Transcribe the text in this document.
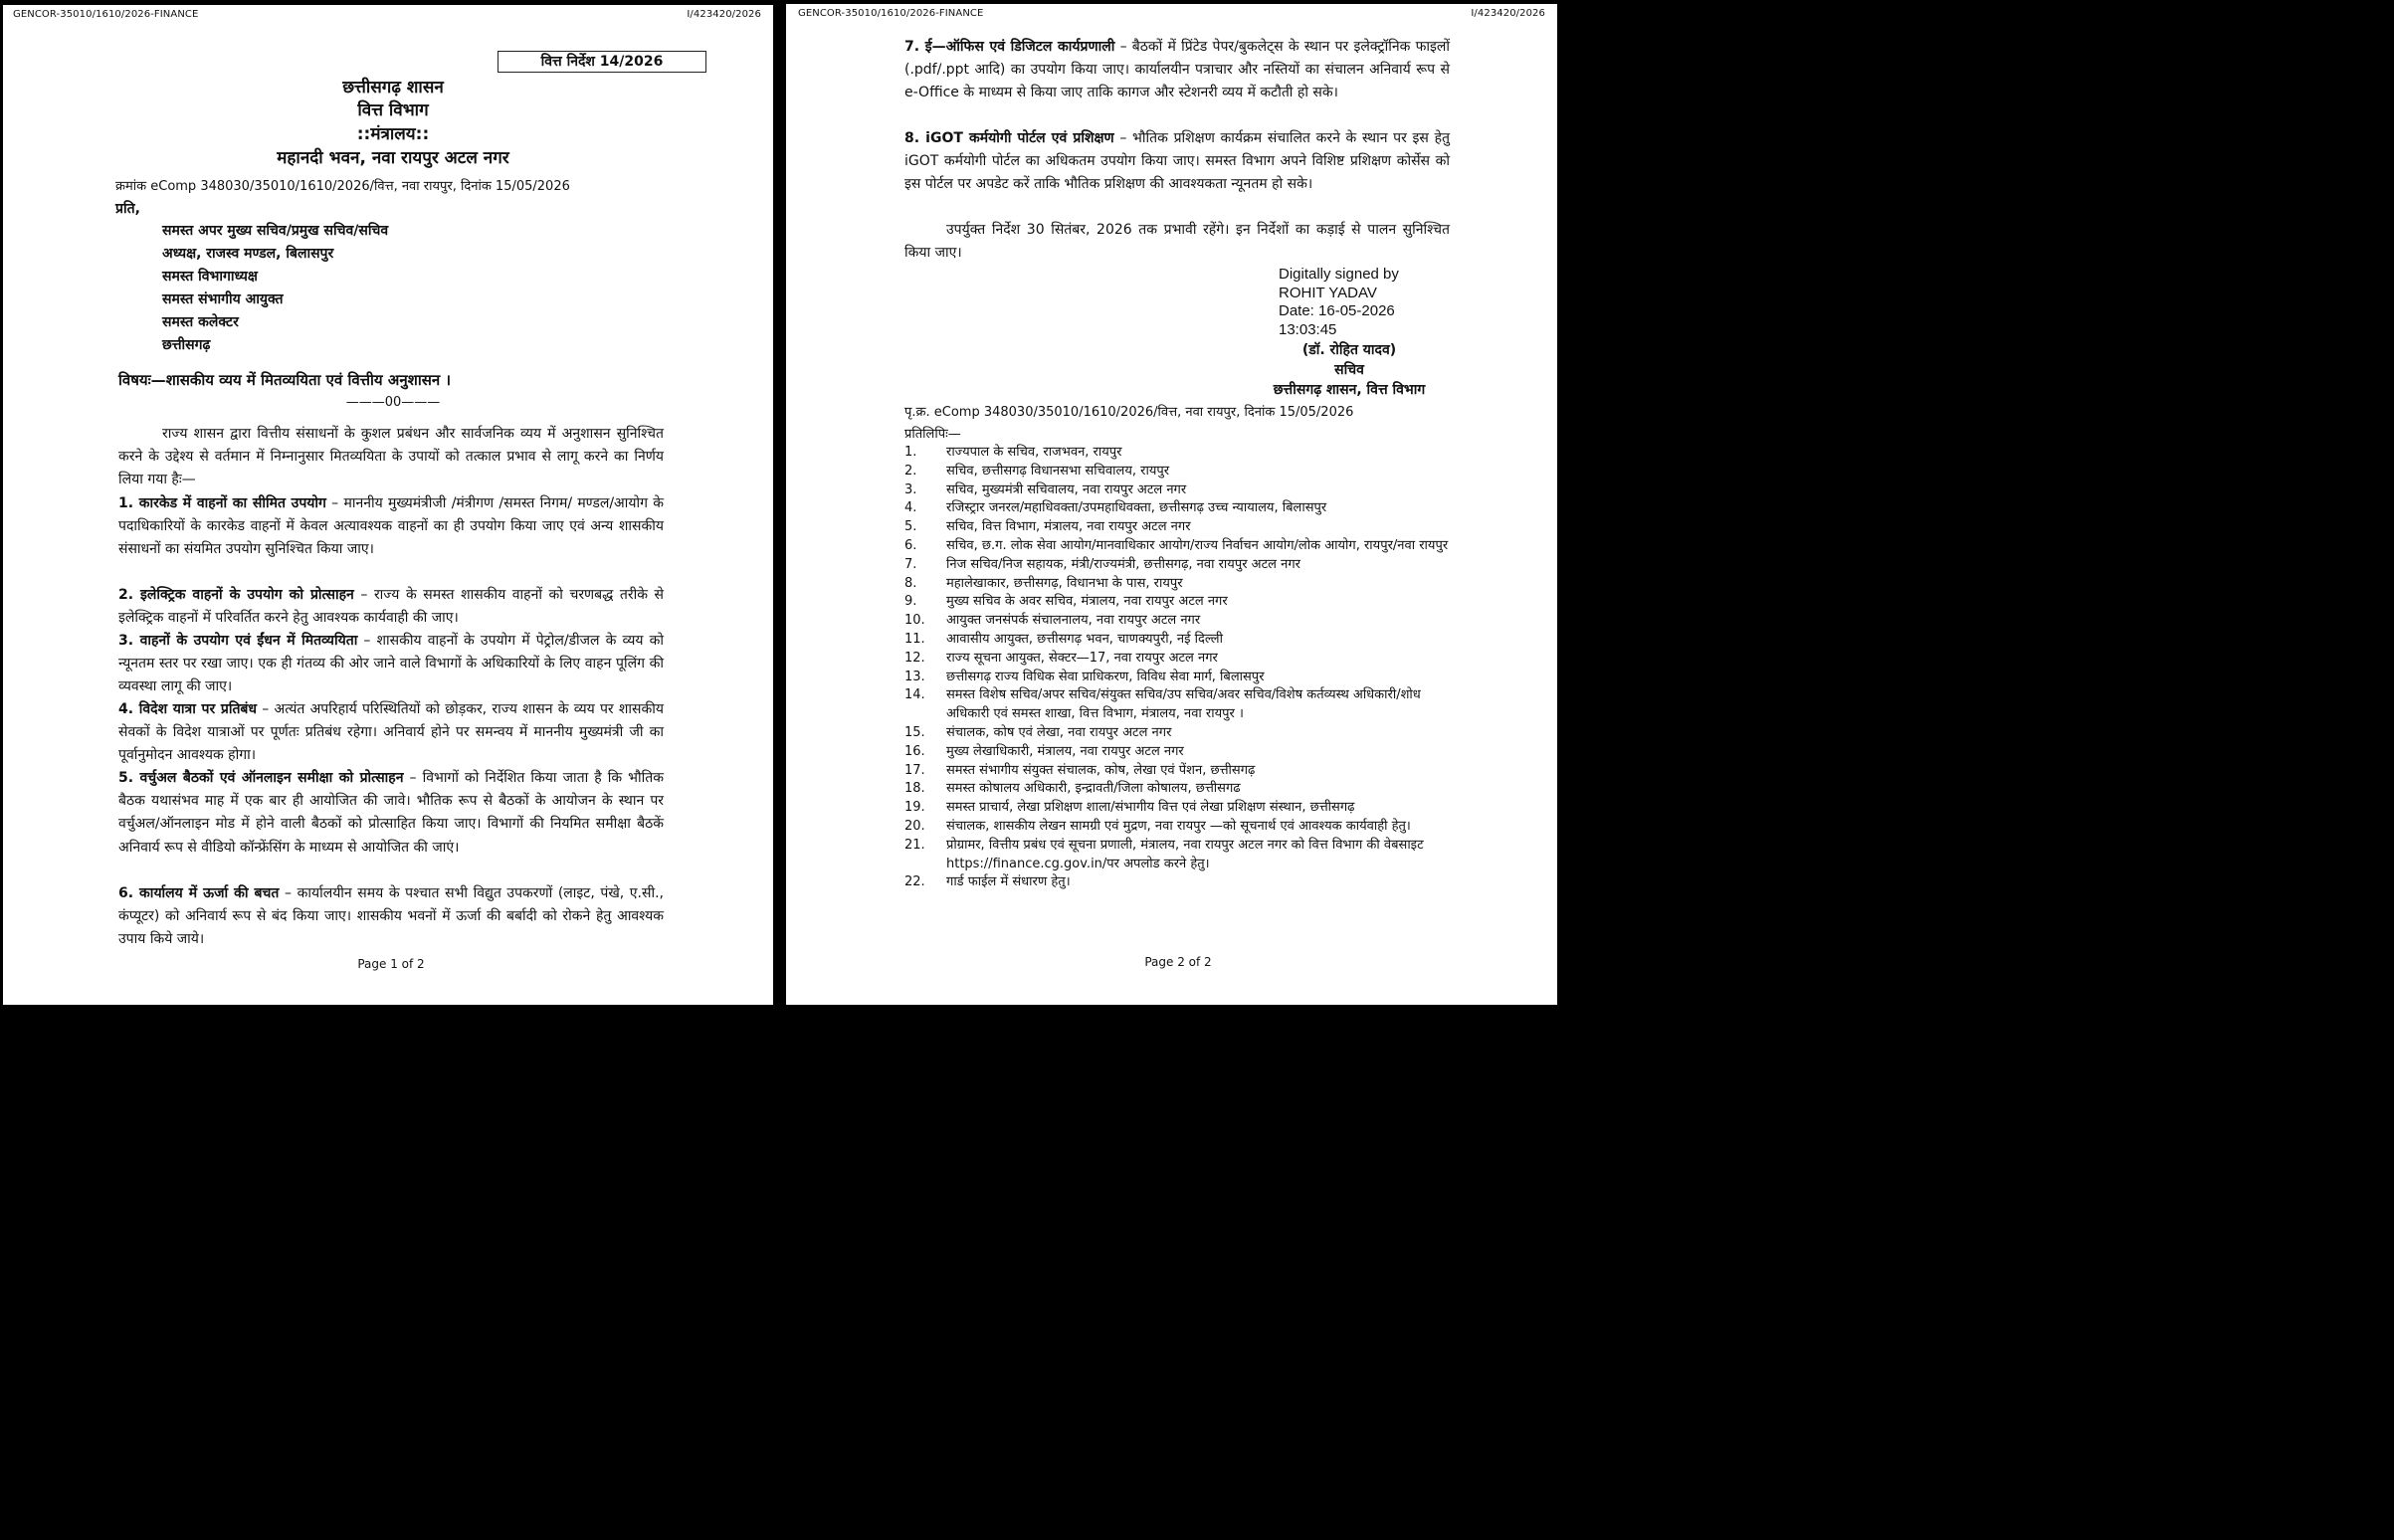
GENCOR-35010/1610/2026-FINANCE	I/423420/2026
वित्त निर्देश 14/2026
छत्तीसगढ़ शासन
वित्त विभाग
::मंत्रालय::
महानदी भवन, नवा रायपुर अटल नगर
क्रमांक eComp 348030/35010/1610/2026/वित्त, नवा रायपुर, दिनांक 15/05/2026
प्रति,
समस्त अपर मुख्य सचिव/प्रमुख सचिव/सचिव
अध्यक्ष, राजस्व मण्डल, बिलासपुर
समस्त विभागाध्यक्ष
समस्त संभागीय आयुक्त
समस्त कलेक्टर
छत्तीसगढ़
विषयः—शासकीय व्यय में मितव्ययिता एवं वित्तीय अनुशासन ।
———00———
राज्य शासन द्वारा वित्तीय संसाधनों के कुशल प्रबंधन और सार्वजनिक व्यय में अनुशासन सुनिश्चित करने के उद्देश्य से वर्तमान में निम्नानुसार मितव्ययिता के उपायों को तत्काल प्रभाव से लागू करने का निर्णय लिया गया हैः—
1. कारकेड में वाहनों का सीमित उपयोग – माननीय मुख्यमंत्रीजी /मंत्रीगण /समस्त निगम/ मण्डल/आयोग के पदाधिकारियों के कारकेड वाहनों में केवल अत्यावश्यक वाहनों का ही उपयोग किया जाए एवं अन्य शासकीय संसाधनों का संयमित उपयोग सुनिश्चित किया जाए।
2. इलेक्ट्रिक वाहनों के उपयोग को प्रोत्साहन – राज्य के समस्त शासकीय वाहनों को चरणबद्ध तरीके से इलेक्ट्रिक वाहनों में परिवर्तित करने हेतु आवश्यक कार्यवाही की जाए।
3. वाहनों के उपयोग एवं ईंधन में मितव्ययिता – शासकीय वाहनों के उपयोग में पेट्रोल/डीजल के व्यय को न्यूनतम स्तर पर रखा जाए। एक ही गंतव्य की ओर जाने वाले विभागों के अधिकारियों के लिए वाहन पूलिंग की व्यवस्था लागू की जाए।
4. विदेश यात्रा पर प्रतिबंध – अत्यंत अपरिहार्य परिस्थितियों को छोड़कर, राज्य शासन के व्यय पर शासकीय सेवकों के विदेश यात्राओं पर पूर्णतः प्रतिबंध रहेगा। अनिवार्य होने पर समन्वय में माननीय मुख्यमंत्री जी का पूर्वानुमोदन आवश्यक होगा।
5. वर्चुअल बैठकों एवं ऑनलाइन समीक्षा को प्रोत्साहन – विभागों को निर्देशित किया जाता है कि भौतिक बैठक यथासंभव माह में एक बार ही आयोजित की जावे। भौतिक रूप से बैठकों के आयोजन के स्थान पर वर्चुअल/ऑनलाइन मोड में होने वाली बैठकों को प्रोत्साहित किया जाए। विभागों की नियमित समीक्षा बैठकें अनिवार्य रूप से वीडियो कॉन्फ्रेंसिंग के माध्यम से आयोजित की जाएं।
6. कार्यालय में ऊर्जा की बचत – कार्यालयीन समय के पश्चात सभी विद्युत उपकरणों (लाइट, पंखे, ए.सी., कंप्यूटर) को अनिवार्य रूप से बंद किया जाए। शासकीय भवनों में ऊर्जा की बर्बादी को रोकने हेतु आवश्यक उपाय किये जाये।
Page 1 of 2
GENCOR-35010/1610/2026-FINANCE	I/423420/2026
7. ई—ऑफिस एवं डिजिटल कार्यप्रणाली – बैठकों में प्रिंटेड पेपर/बुकलेट्स के स्थान पर इलेक्ट्रॉनिक फाइलों (.pdf/.ppt आदि) का उपयोग किया जाए। कार्यालयीन पत्राचार और नस्तियों का संचालन अनिवार्य रूप से e-Office के माध्यम से किया जाए ताकि कागज और स्टेशनरी व्यय में कटौती हो सके।
8. iGOT कर्मयोगी पोर्टल एवं प्रशिक्षण – भौतिक प्रशिक्षण कार्यक्रम संचालित करने के स्थान पर इस हेतु iGOT कर्मयोगी पोर्टल का अधिकतम उपयोग किया जाए। समस्त विभाग अपने विशिष्ट प्रशिक्षण कोर्सेस को इस पोर्टल पर अपडेट करें ताकि भौतिक प्रशिक्षण की आवश्यकता न्यूनतम हो सके।
उपर्युक्त निर्देश 30 सितंबर, 2026 तक प्रभावी रहेंगे। इन निर्देशों का कड़ाई से पालन सुनिश्चित किया जाए।
Digitally signed by
ROHIT YADAV
Date: 16-05-2026
13:03:45
(डॉ. रोहित यादव)
सचिव
छत्तीसगढ़ शासन, वित्त विभाग
पृ.क्र. eComp 348030/35010/1610/2026/वित्त, नवा रायपुर, दिनांक 15/05/2026
प्रतिलिपिः—
1.	राज्यपाल के सचिव, राजभवन, रायपुर
2.	सचिव, छत्तीसगढ़ विधानसभा सचिवालय, रायपुर
3.	सचिव, मुख्यमंत्री सचिवालय, नवा रायपुर अटल नगर
4.	रजिस्ट्रार जनरल/महाधिवक्ता/उपमहाधिवक्ता, छत्तीसगढ़ उच्च न्यायालय, बिलासपुर
5.	सचिव, वित्त विभाग, मंत्रालय, नवा रायपुर अटल नगर
6.	सचिव, छ.ग. लोक सेवा आयोग/मानवाधिकार आयोग/राज्य निर्वाचन आयोग/लोक आयोग, रायपुर/नवा रायपुर
7.	निज सचिव/निज सहायक, मंत्री/राज्यमंत्री, छत्तीसगढ़, नवा रायपुर अटल नगर
8.	महालेखाकार, छत्तीसगढ़, विधानभा के पास, रायपुर
9.	मुख्य सचिव के अवर सचिव, मंत्रालय, नवा रायपुर अटल नगर
10.	आयुक्त जनसंपर्क संचालनालय, नवा रायपुर अटल नगर
11.	आवासीय आयुक्त, छत्तीसगढ़ भवन, चाणक्यपुरी, नई दिल्ली
12.	राज्य सूचना आयुक्त, सेक्टर—17, नवा रायपुर अटल नगर
13.	छत्तीसगढ़ राज्य विधिक सेवा प्राधिकरण, विविध सेवा मार्ग, बिलासपुर
14.	समस्त विशेष सचिव/अपर सचिव/संयुक्त सचिव/उप सचिव/अवर सचिव/विशेष कर्तव्यस्थ अधिकारी/शोध अधिकारी एवं समस्त शाखा, वित्त विभाग, मंत्रालय, नवा रायपुर ।
15.	संचालक, कोष एवं लेखा, नवा रायपुर अटल नगर
16.	मुख्य लेखाधिकारी, मंत्रालय, नवा रायपुर अटल नगर
17.	समस्त संभागीय संयुक्त संचालक, कोष, लेखा एवं पेंशन, छत्तीसगढ़
18.	समस्त कोषालय अधिकारी, इन्द्रावती/जिला कोषालय, छत्तीसगढ
19.	समस्त प्राचार्य, लेखा प्रशिक्षण शाला/संभागीय वित्त एवं लेखा प्रशिक्षण संस्थान, छत्तीसगढ़
20.	संचालक, शासकीय लेखन सामग्री एवं मुद्रण, नवा रायपुर —को सूचनार्थ एवं आवश्यक कार्यवाही हेतु।
21.	प्रोग्रामर, वित्तीय प्रबंध एवं सूचना प्रणाली, मंत्रालय, नवा रायपुर अटल नगर को वित्त विभाग की वेबसाइट https://finance.cg.gov.in/पर अपलोड करने हेतु।
22.	गार्ड फाईल में संधारण हेतु।
Page 2 of 2
